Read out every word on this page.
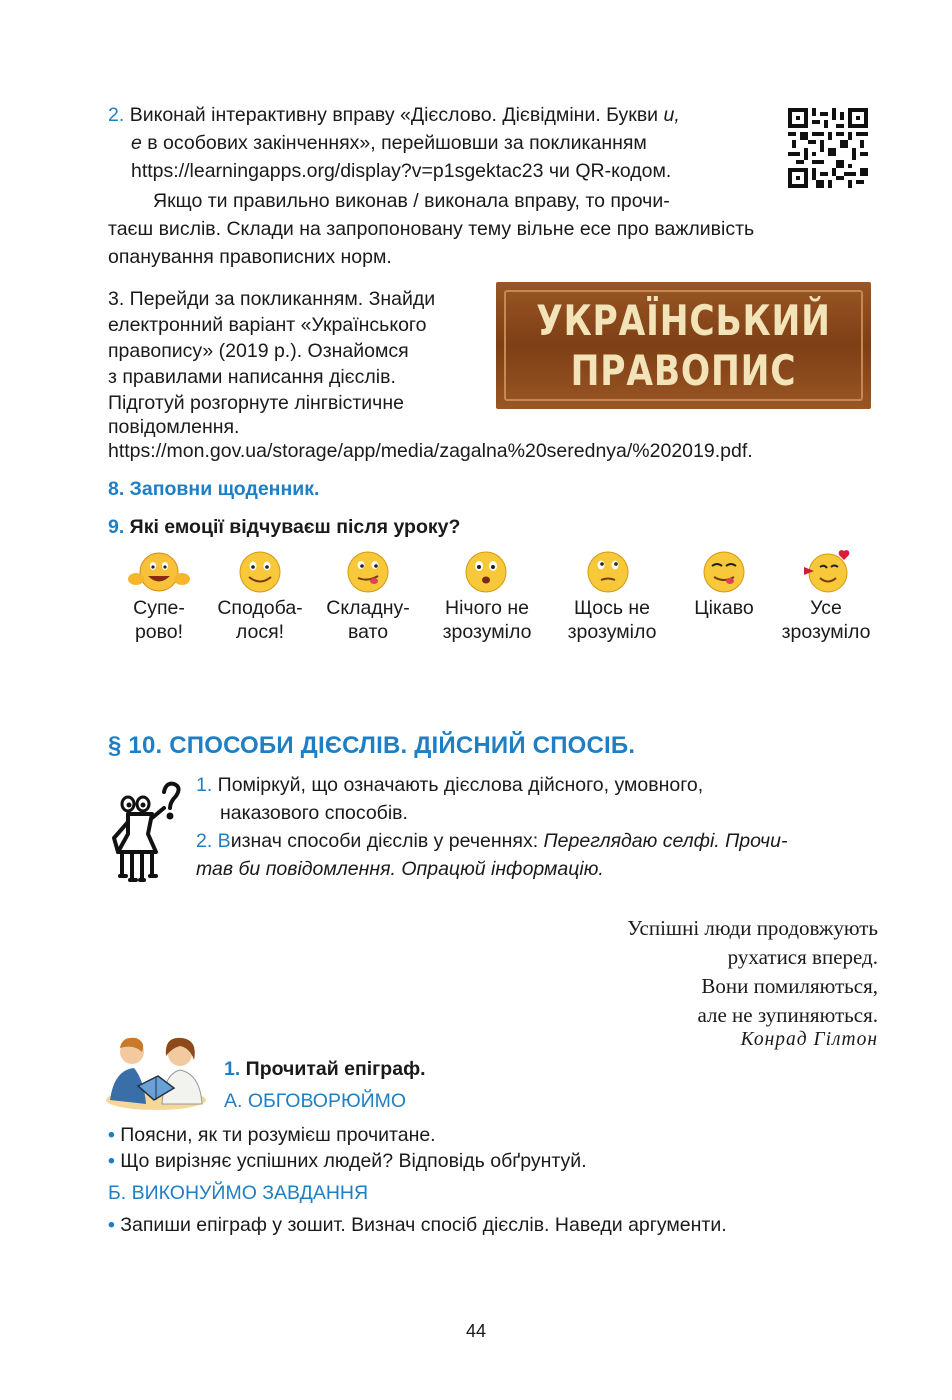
2. Виконай інтерактивну вправу «Дієслово. Дієвідміни. Букви и,
е в особових закінченнях», перейшовши за покликанням
https://learningapps.org/display?v=p1sgektac23 чи QR-кодом.
Якщо ти правильно виконав / виконала вправу, то прочи-
таєш вислів. Склади на запропоновану тему вільне есе про важливість
опанування правописних норм.
3. Перейди за покликанням. Знайди
електронний варіант «Українського
правопису» (2019 р.). Ознайомся
з правилами написання дієслів.
Підготуй розгорнуте лінгвістичне
повідомлення.
https://mon.gov.ua/storage/app/media/zagalna%20serednya/%202019.pdf.
УКРАЇНСЬКИЙ
ПРАВОПИС
8. Заповни щоденник.
9. Які емоції відчуваєш після уроку?
Супе-
рово!
Сподоба-
лося!
Складну-
вато
Нічого не
зрозуміло
Щось не
зрозуміло
Цікаво	Усе
зрозуміло
§ 10. СПОСОБИ ДІЄСЛІВ. ДІЙСНИЙ СПОСІБ.
1. Поміркуй, що означають дієслова дійсного, умовного,
наказового способів.
2. Визнач способи дієслів у реченнях: Переглядаю селфі. Прочи-
тав би повідомлення. Опрацюй інформацію.
Успішні люди продовжують
рухатися вперед.
Вони помиляються,
але не зупиняються.
Конрад Гілтон
1. Прочитай епіграф.
А. ОБГОВОРЮЙМО
• Поясни, як ти розумієш прочитане.
• Що вирізняє успішних людей? Відповідь обґрунтуй.
Б. ВИКОНУЙМО ЗАВДАННЯ
• Запиши епіграф у зошит. Визнач спосіб дієслів. Наведи аргументи.
44
